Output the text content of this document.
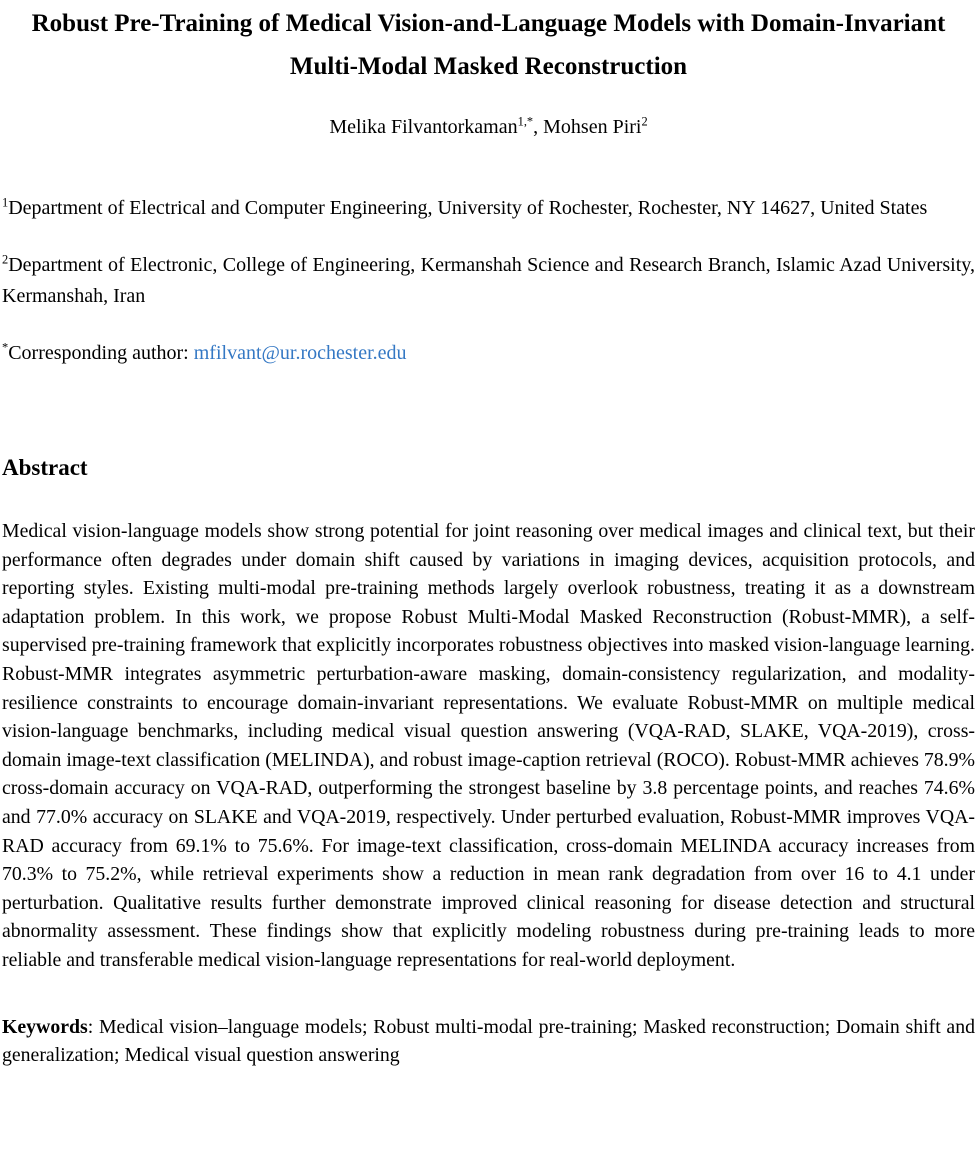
Robust Pre-Training of Medical Vision-and-Language Models with Domain-Invariant Multi-Modal Masked Reconstruction
Melika Filvantorkaman$^{1,*}$, Mohsen Piri$^2$

$^1$Department of Electrical and Computer Engineering, University of Rochester, Rochester, NY 14627, United States

$^2$Department of Electronic, College of Engineering, Kermanshah Science and Research Branch, Islamic Azad University, Kermanshah, Iran

*Corresponding author: mfilvant@ur.rochester.edu

Abstract

Medical vision-language models show strong potential for joint reasoning over medical images and clinical text, but their performance often degrades under domain shift caused by variations in imaging devices, acquisition protocols, and reporting styles. Existing multi-modal pre-training methods largely overlook robustness, treating it as a downstream adaptation problem. In this work, we propose Robust Multi-Modal Masked Reconstruction (Robust-MMR), a self-supervised pre-training framework that explicitly incorporates robustness objectives into masked vision-language learning. Robust-MMR integrates asymmetric perturbation-aware masking, domain-consistency regularization, and modality-resilience constraints to encourage domain-invariant representations. We evaluate Robust-MMR on multiple medical vision-language benchmarks, including medical visual question answering (VQA-RAD, SLAKE, VQA-2019), cross-domain image-text classification (MELINDA), and robust image-caption retrieval (ROCO). Robust-MMR achieves 78.9% cross-domain accuracy on VQA-RAD, outperforming the strongest baseline by 3.8 percentage points, and reaches 74.6% and 77.0% accuracy on SLAKE and VQA-2019, respectively. Under perturbed evaluation, Robust-MMR improves VQA-RAD accuracy from 69.1% to 75.6%. For image-text classification, cross-domain MELINDA accuracy increases from 70.3% to 75.2%, while retrieval experiments show a reduction in mean rank degradation from over 16 to 4.1 under perturbation. Qualitative results further demonstrate improved clinical reasoning for disease detection and structural abnormality assessment. These findings show that explicitly modeling robustness during pre-training leads to more reliable and transferable medical vision-language representations for real-world deployment.

Keywords: Medical vision–language models; Robust multi-modal pre-training; Masked reconstruction; Domain shift and generalization; Medical visual question answering
